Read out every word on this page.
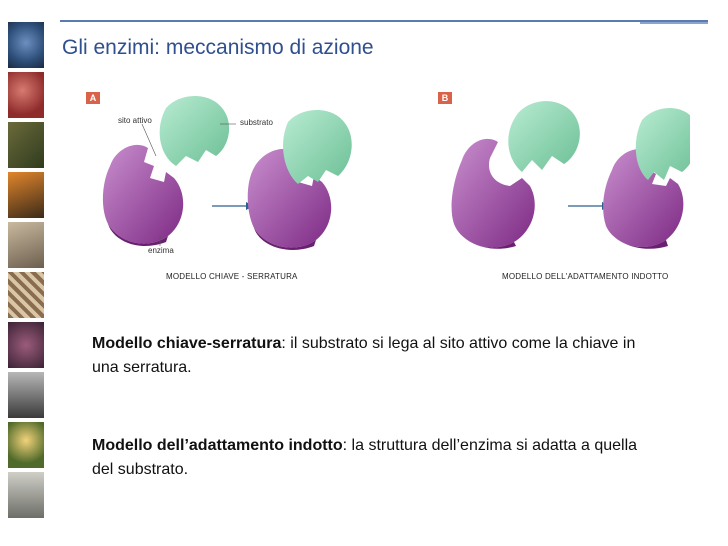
Gli enzimi: meccanismo di azione
A	B
sito attivo	substrato
enzima
MODELLO CHIAVE - SERRATURA	MODELLO DELL'ADATTAMENTO INDOTTO
Modello chiave-serratura: il substrato si lega al sito attivo come la chiave in una serratura.
Modello dell’adattamento indotto: la struttura dell’enzima si adatta a quella del substrato.
